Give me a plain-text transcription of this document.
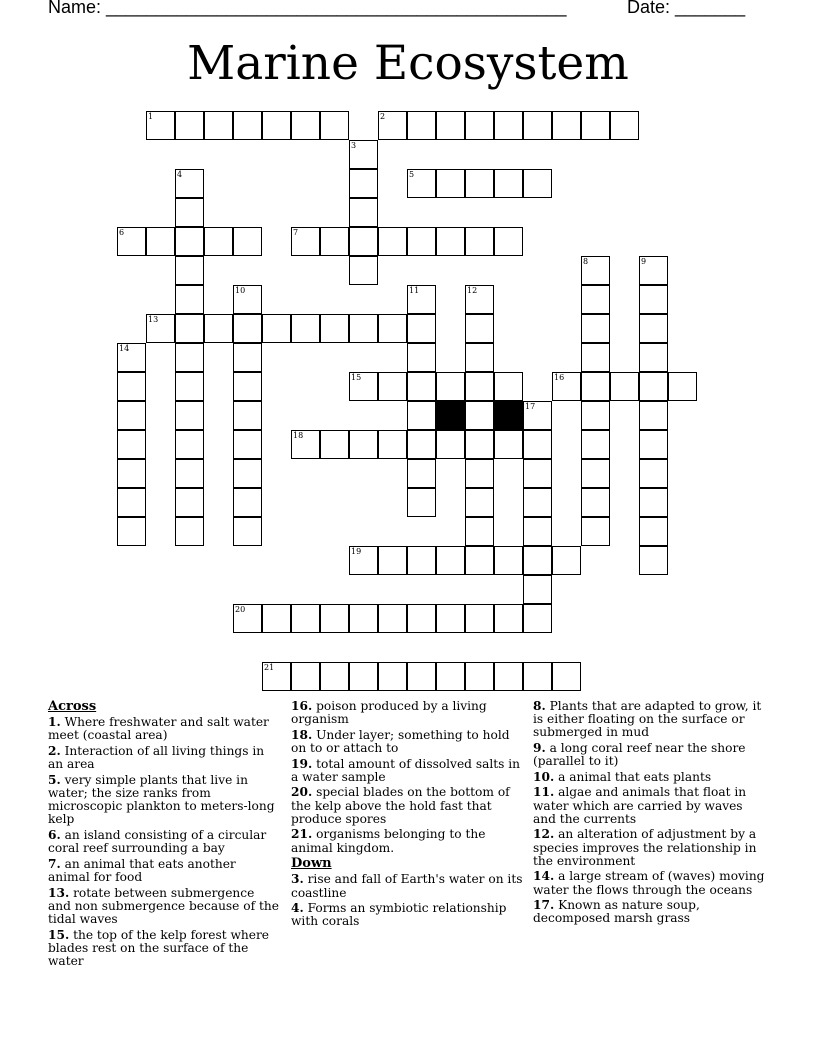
Name: ______________________________________________	Date: _______
Marine Ecosystem
1	2
3
4	5
6	7
8	9
10	11	12
13
14
15	16
17
18
19
20
21
Across
1. Where freshwater and salt water meet (coastal area)
2. Interaction of all living things in an area
5. very simple plants that live in water; the size ranks from microscopic plankton to meters-long kelp
6. an island consisting of a circular coral reef surrounding a bay
7. an animal that eats another animal for food
13. rotate between submergence and non submergence because of the tidal waves
15. the top of the kelp forest where blades rest on the surface of the water
16. poison produced by a living organism
18. Under layer; something to hold on to or attach to
19. total amount of dissolved salts in a water sample
20. special blades on the bottom of the kelp above the hold fast that produce spores
21. organisms belonging to the animal kingdom.
Down
3. rise and fall of Earth's water on its coastline
4. Forms an symbiotic relationship with corals
8. Plants that are adapted to grow, it is either floating on the surface or submerged in mud
9. a long coral reef near the shore (parallel to it)
10. a animal that eats plants
11. algae and animals that float in water which are carried by waves and the currents
12. an alteration of adjustment by a species improves the relationship in the environment
14. a large stream of (waves) moving water the flows through the oceans
17. Known as nature soup, decomposed marsh grass
